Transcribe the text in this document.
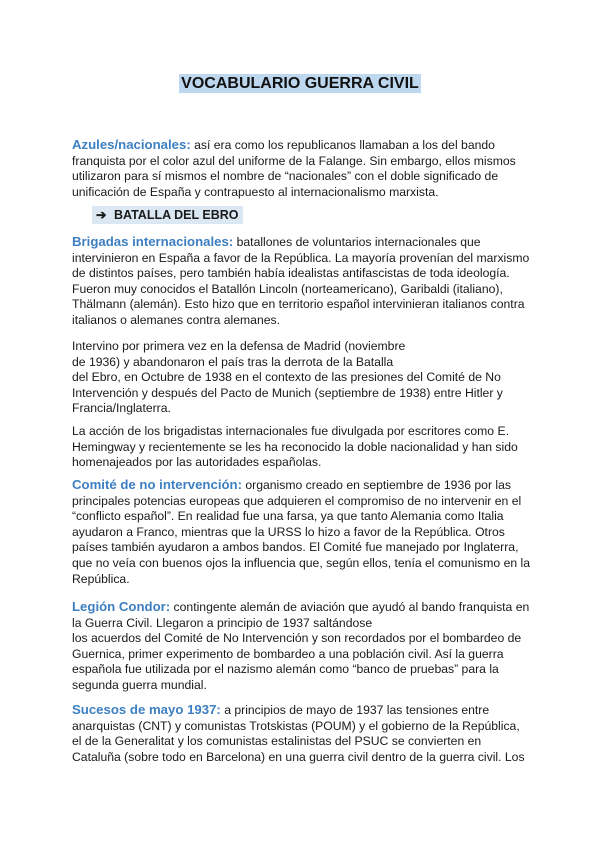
VOCABULARIO GUERRA CIVIL
Azules/nacionales: así era como los republicanos llamaban a los del bando
franquista por el color azul del uniforme de la Falange. Sin embargo, ellos mismos
utilizaron para sí mismos el nombre de “nacionales” con el doble significado de
unificación de España y contrapuesto al internacionalismo marxista.
➔ BATALLA DEL EBRO
Brigadas internacionales: batallones de voluntarios internacionales que
intervinieron en España a favor de la República. La mayoría provenían del marxismo
de distintos países, pero también había idealistas antifascistas de toda ideología.
Fueron muy conocidos el Batallón Lincoln (norteamericano), Garibaldi (italiano),
Thälmann (alemán). Esto hizo que en territorio español intervinieran italianos contra
italianos o alemanes contra alemanes.
Intervino por primera vez en la defensa de Madrid (noviembre
de 1936) y abandonaron el país tras la derrota de la Batalla
del Ebro, en Octubre de 1938 en el contexto de las presiones del Comité de No
Intervención y después del Pacto de Munich (septiembre de 1938) entre Hitler y
Francia/Inglaterra.
La acción de los brigadistas internacionales fue divulgada por escritores como E.
Hemingway y recientemente se les ha reconocido la doble nacionalidad y han sido
homenajeados por las autoridades españolas.
Comité de no intervención: organismo creado en septiembre de 1936 por las
principales potencias europeas que adquieren el compromiso de no intervenir en el
“conflicto español”. En realidad fue una farsa, ya que tanto Alemania como Italia
ayudaron a Franco, mientras que la URSS lo hizo a favor de la República. Otros
países también ayudaron a ambos bandos. El Comité fue manejado por Inglaterra,
que no veía con buenos ojos la influencia que, según ellos, tenía el comunismo en la
República.
Legión Condor: contingente alemán de aviación que ayudó al bando franquista en
la Guerra Civil. Llegaron a principio de 1937 saltándose
los acuerdos del Comité de No Intervención y son recordados por el bombardeo de
Guernica, primer experimento de bombardeo a una población civil. Así la guerra
española fue utilizada por el nazismo alemán como “banco de pruebas” para la
segunda guerra mundial.
Sucesos de mayo 1937: a principios de mayo de 1937 las tensiones entre
anarquistas (CNT) y comunistas Trotskistas (POUM) y el gobierno de la República,
el de la Generalitat y los comunistas estalinistas del PSUC se convierten en
Cataluña (sobre todo en Barcelona) en una guerra civil dentro de la guerra civil. Los
